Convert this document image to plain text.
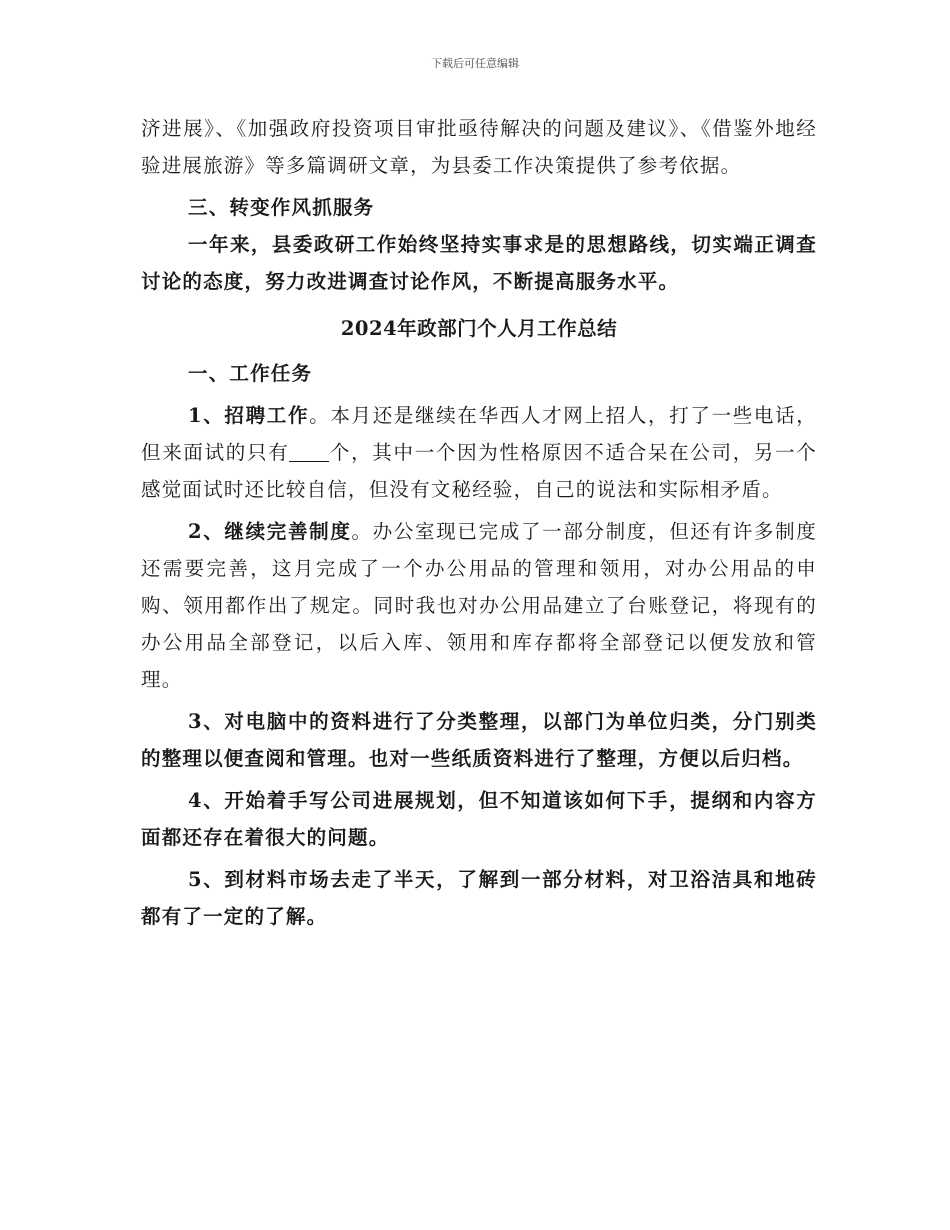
下载后可任意编辑

济进展》、《加强政府投资项目审批亟待解决的问题及建议》、《借鉴外地经验进展旅游》等多篇调研文章，为县委工作决策提供了参考依据。

三、转变作风抓服务

一年来，县委政研工作始终坚持实事求是的思想路线，切实端正调查讨论的态度，努力改进调查讨论作风，不断提高服务水平。

2024年政部门个人月工作总结

一、工作任务

1、招聘工作。本月还是继续在华西人才网上招人，打了一些电话，但来面试的只有 个，其中一个因为性格原因不适合呆在公司，另一个感觉面试时还比较自信，但没有文秘经验，自己的说法和实际相矛盾。

2、继续完善制度。办公室现已完成了一部分制度，但还有许多制度还需要完善，这月完成了一个办公用品的管理和领用，对办公用品的申购、领用都作出了规定。同时我也对办公用品建立了台账登记，将现有的办公用品全部登记，以后入库、领用和库存都将全部登记以便发放和管理。

3、对电脑中的资料进行了分类整理，以部门为单位归类，分门别类的整理以便查阅和管理。也对一些纸质资料进行了整理，方便以后归档。

4、开始着手写公司进展规划，但不知道该如何下手，提纲和内容方面都还存在着很大的问题。

5、到材料市场去走了半天，了解到一部分材料，对卫浴洁具和地砖都有了一定的了解。
